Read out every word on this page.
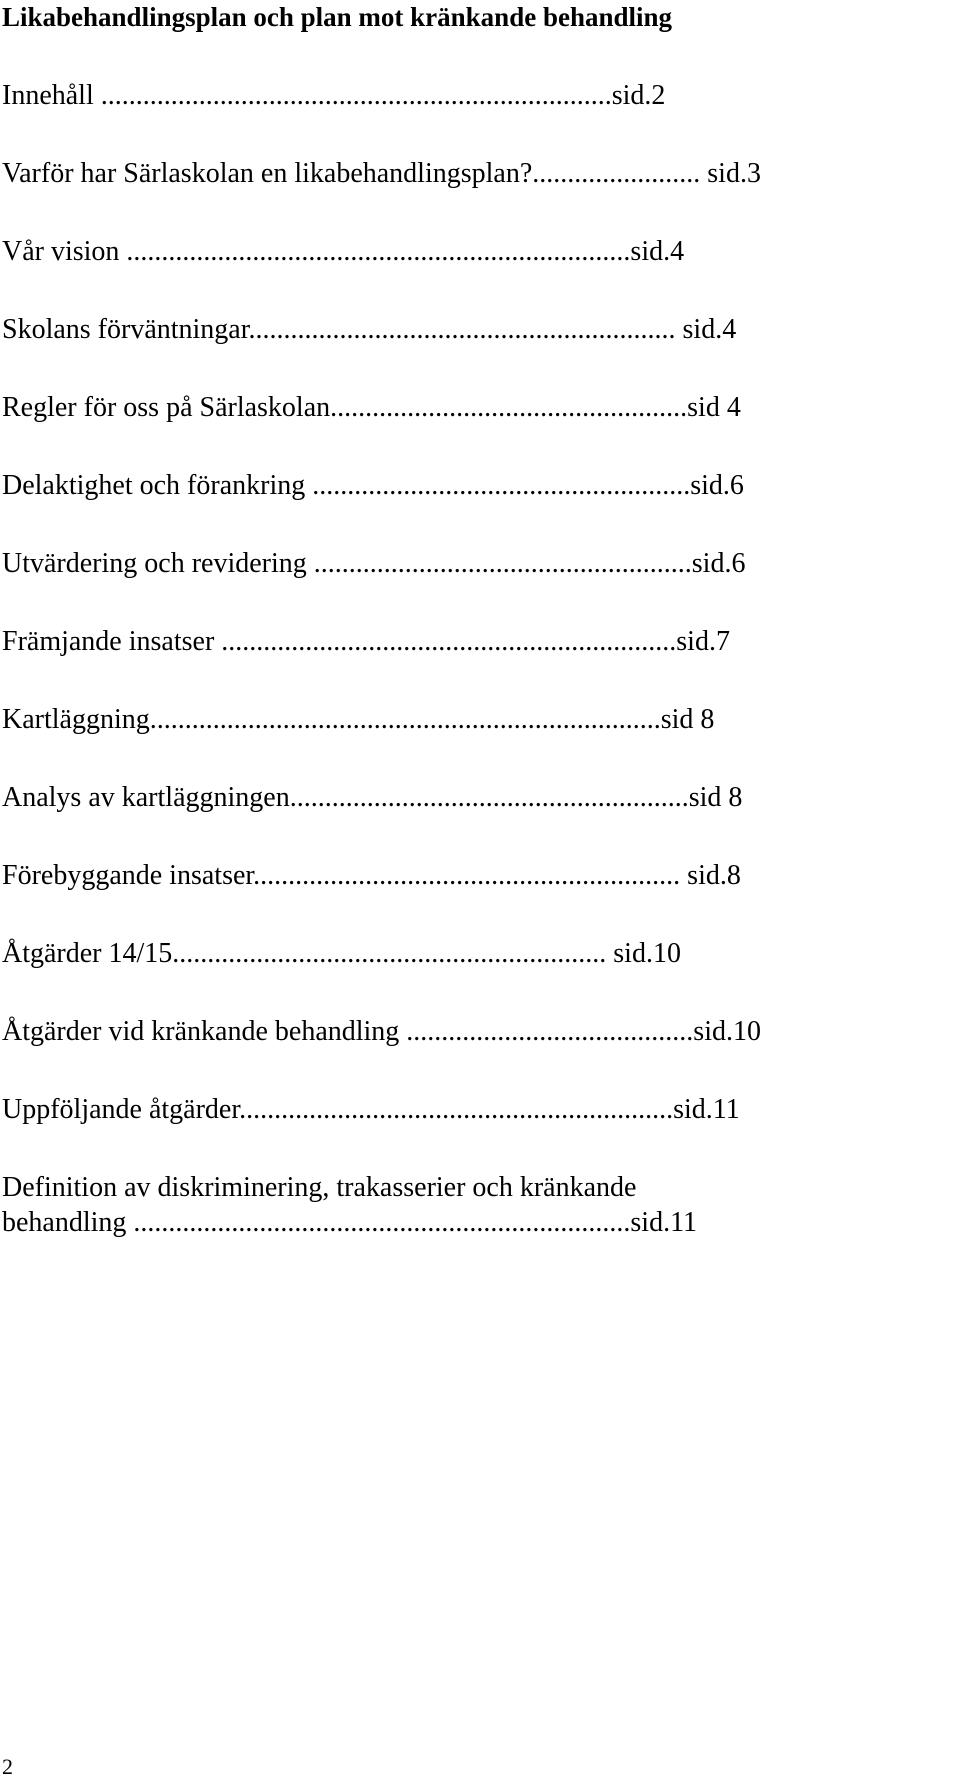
Likabehandlingsplan och plan mot kränkande behandling
Innehåll .........................................................................sid.2
Varför har Särlaskolan en likabehandlingsplan?........................ sid.3
Vår vision ........................................................................sid.4
Skolans förväntningar............................................................. sid.4
Regler för oss på Särlaskolan...................................................sid 4
Delaktighet och förankring ......................................................sid.6
Utvärdering och revidering ......................................................sid.6
Främjande insatser .................................................................sid.7
Kartläggning.........................................................................sid 8
Analys av kartläggningen.........................................................sid 8
Förebyggande insatser............................................................. sid.8
Åtgärder 14/15.............................................................. sid.10
Åtgärder vid kränkande behandling .........................................sid.10
Uppföljande åtgärder..............................................................sid.11
Definition av diskriminering, trakasserier och kränkande
behandling .......................................................................sid.11
2
